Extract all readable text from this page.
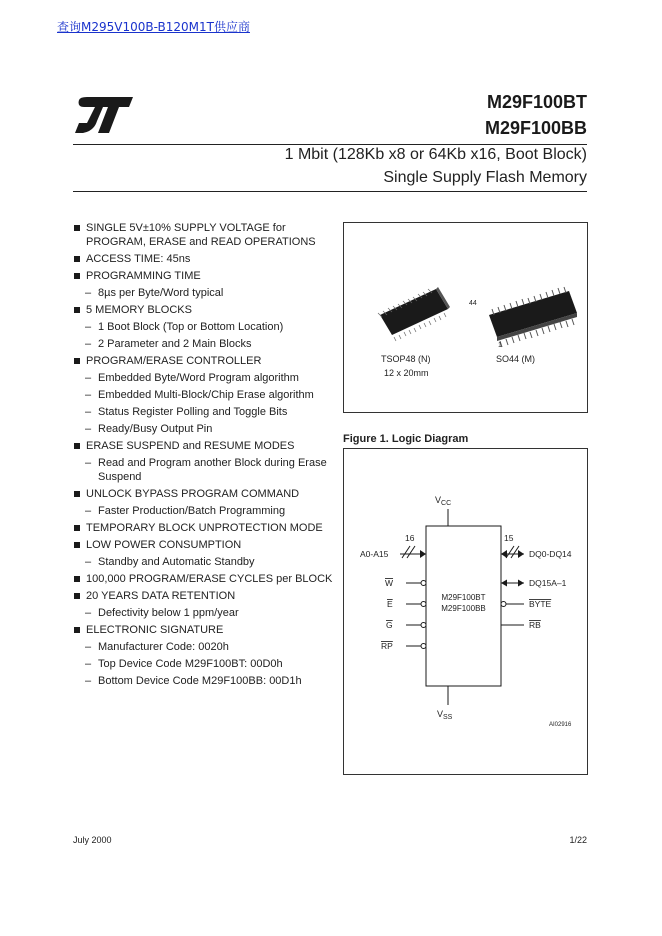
查询M295V100B-B120M1T供应商
M29F100BT
M29F100BB
1 Mbit (128Kb x8 or 64Kb x16, Boot Block)
Single Supply Flash Memory
SINGLE 5V±10% SUPPLY VOLTAGE for PROGRAM, ERASE and READ OPERATIONS
ACCESS TIME: 45ns
PROGRAMMING TIME
– 8µs per Byte/Word typical
5 MEMORY BLOCKS
– 1 Boot Block (Top or Bottom Location)
– 2 Parameter and 2 Main Blocks
PROGRAM/ERASE CONTROLLER
– Embedded Byte/Word Program algorithm
– Embedded Multi-Block/Chip Erase algorithm
– Status Register Polling and Toggle Bits
– Ready/Busy Output Pin
ERASE SUSPEND and RESUME MODES
– Read and Program another Block during Erase Suspend
UNLOCK BYPASS PROGRAM COMMAND
– Faster Production/Batch Programming
TEMPORARY BLOCK UNPROTECTION MODE
LOW POWER CONSUMPTION
– Standby and Automatic Standby
100,000 PROGRAM/ERASE CYCLES per BLOCK
20 YEARS DATA RETENTION
– Defectivity below 1 ppm/year
ELECTRONIC SIGNATURE
– Manufacturer Code: 0020h
– Top Device Code M29F100BT: 00D0h
– Bottom Device Code M29F100BB: 00D1h
44
1
TSOP48 (N)
12 x 20mm
SO44 (M)
Figure 1. Logic Diagram
M29F100BT
M29F100BB
$V_{CC}$
$V_{SS}$
16
A0-A15
15
DQ0-DQ14
W
E
G
RP
DQ15A–1
BYTE
RB
AI02916
July 2000	1/22
